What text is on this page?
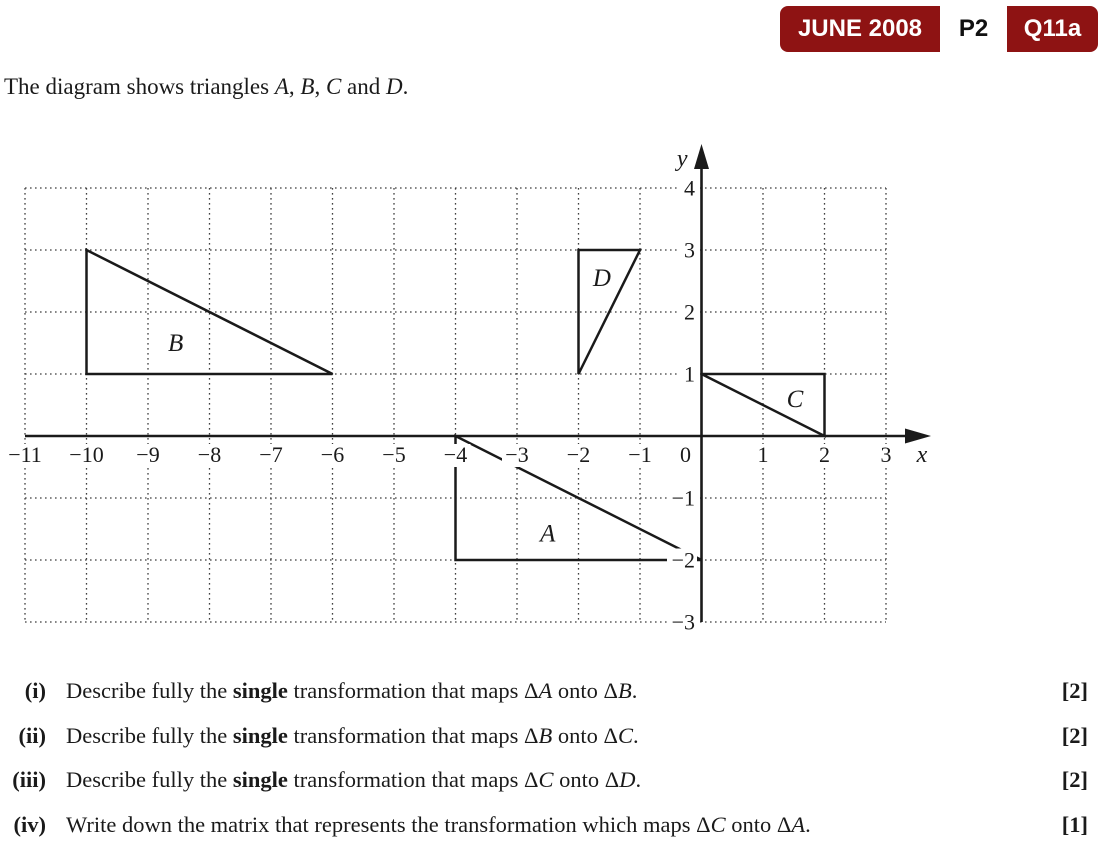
JUNE 2008	P2	Q11a

The diagram shows triangles A, B, C and D.

−11 −10 −9 −8 −7 −6 −5 −4 −3 −2 −1 0	1 2 3
4
3
2
1
−1
−2
−3
B
D
C
A
x
y
(i) Describe fully the single transformation that maps ΔA onto ΔB.	[2]
(ii) Describe fully the single transformation that maps ΔB onto ΔC.	[2]
(iii) Describe fully the single transformation that maps ΔC onto ΔD.	[2]
(iv) Write down the matrix that represents the transformation which maps ΔC onto ΔA.	[1]
